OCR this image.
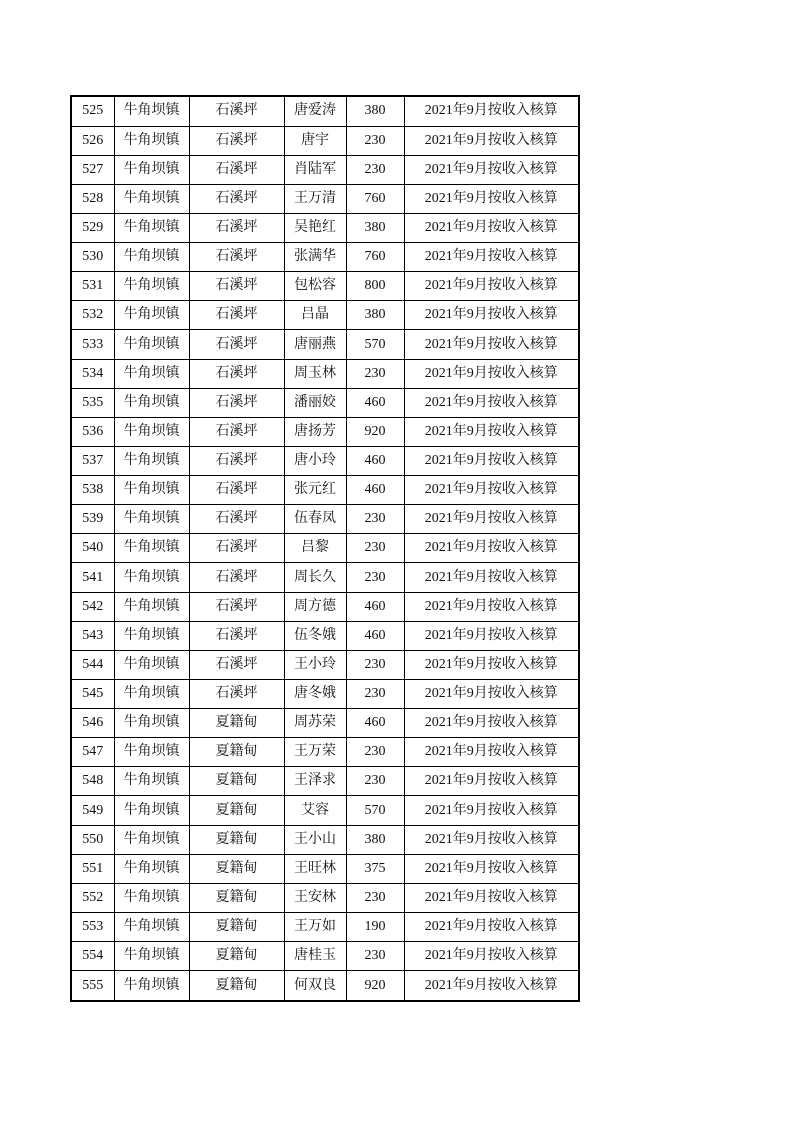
525	牛角坝镇	石溪坪	唐爱涛	380	2021年9月按收入核算
526	牛角坝镇	石溪坪	唐宇	230	2021年9月按收入核算
527	牛角坝镇	石溪坪	肖陆军	230	2021年9月按收入核算
528	牛角坝镇	石溪坪	王万清	760	2021年9月按收入核算
529	牛角坝镇	石溪坪	吴艳红	380	2021年9月按收入核算
530	牛角坝镇	石溪坪	张满华	760	2021年9月按收入核算
531	牛角坝镇	石溪坪	包松容	800	2021年9月按收入核算
532	牛角坝镇	石溪坪	吕晶	380	2021年9月按收入核算
533	牛角坝镇	石溪坪	唐丽燕	570	2021年9月按收入核算
534	牛角坝镇	石溪坪	周玉林	230	2021年9月按收入核算
535	牛角坝镇	石溪坪	潘丽姣	460	2021年9月按收入核算
536	牛角坝镇	石溪坪	唐扬芳	920	2021年9月按收入核算
537	牛角坝镇	石溪坪	唐小玲	460	2021年9月按收入核算
538	牛角坝镇	石溪坪	张元红	460	2021年9月按收入核算
539	牛角坝镇	石溪坪	伍春凤	230	2021年9月按收入核算
540	牛角坝镇	石溪坪	吕黎	230	2021年9月按收入核算
541	牛角坝镇	石溪坪	周长久	230	2021年9月按收入核算
542	牛角坝镇	石溪坪	周方德	460	2021年9月按收入核算
543	牛角坝镇	石溪坪	伍冬娥	460	2021年9月按收入核算
544	牛角坝镇	石溪坪	王小玲	230	2021年9月按收入核算
545	牛角坝镇	石溪坪	唐冬娥	230	2021年9月按收入核算
546	牛角坝镇	夏籍甸	周苏荣	460	2021年9月按收入核算
547	牛角坝镇	夏籍甸	王万荣	230	2021年9月按收入核算
548	牛角坝镇	夏籍甸	王泽求	230	2021年9月按收入核算
549	牛角坝镇	夏籍甸	艾容	570	2021年9月按收入核算
550	牛角坝镇	夏籍甸	王小山	380	2021年9月按收入核算
551	牛角坝镇	夏籍甸	王旺林	375	2021年9月按收入核算
552	牛角坝镇	夏籍甸	王安林	230	2021年9月按收入核算
553	牛角坝镇	夏籍甸	王万如	190	2021年9月按收入核算
554	牛角坝镇	夏籍甸	唐桂玉	230	2021年9月按收入核算
555	牛角坝镇	夏籍甸	何双良	920	2021年9月按收入核算
